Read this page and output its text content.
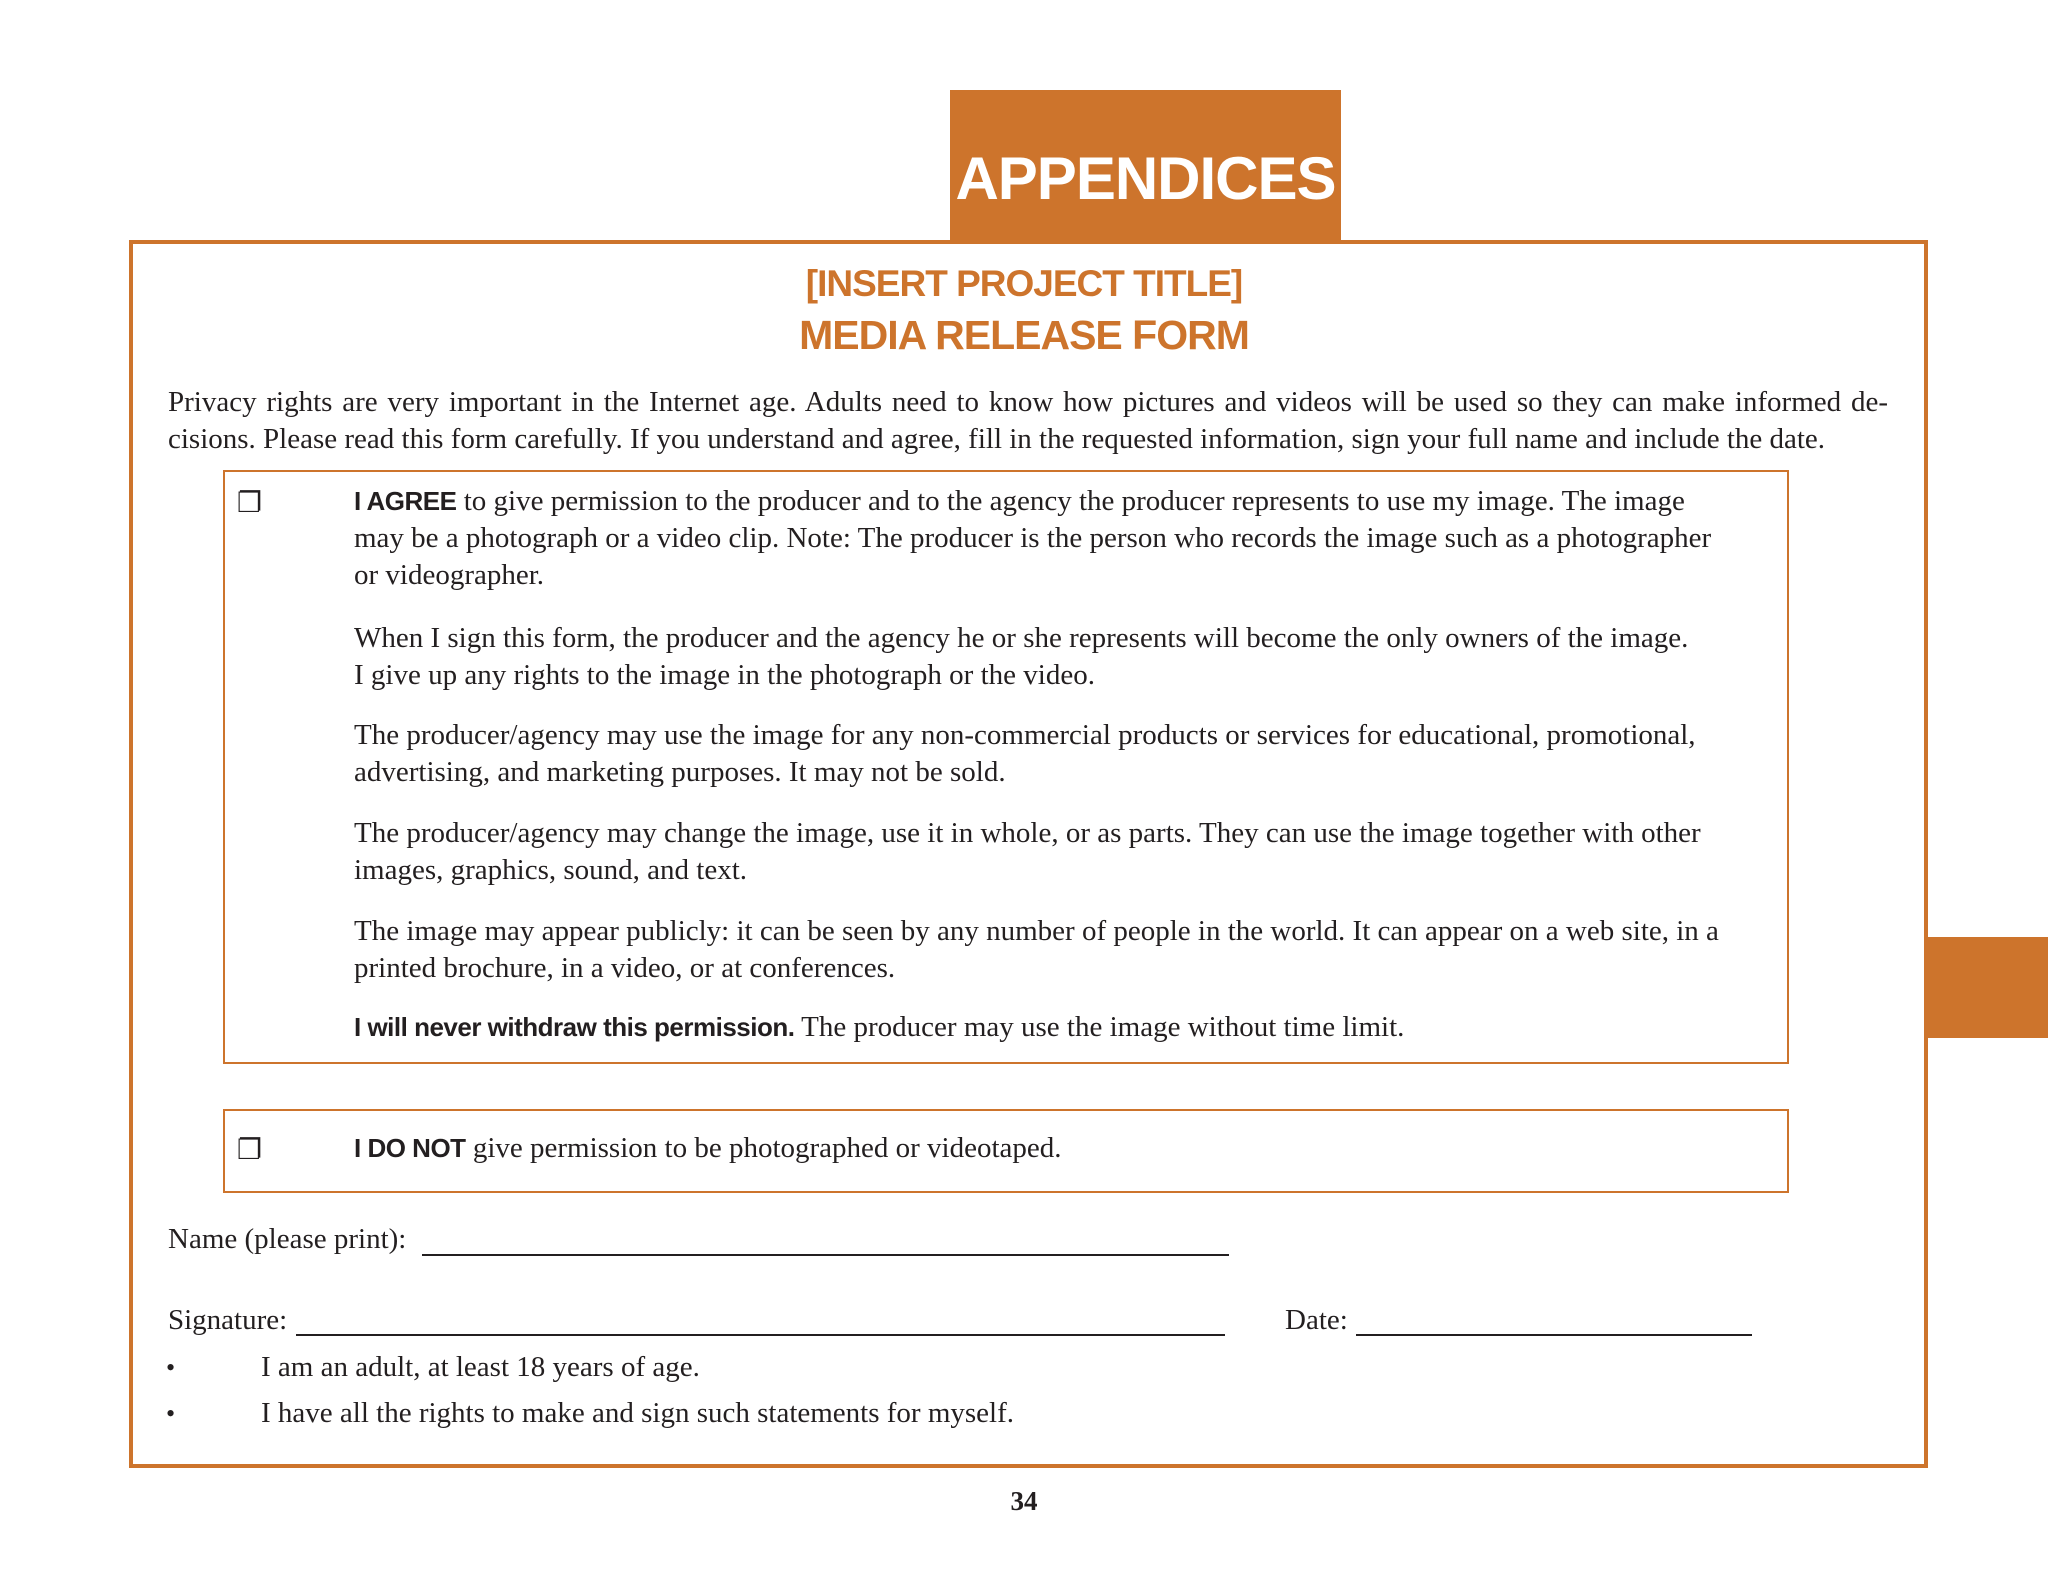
APPENDICES
[INSERT PROJECT TITLE]
MEDIA RELEASE FORM
Privacy rights are very important in the Internet age. Adults need to know how pictures and videos will be used so they can make informed de-
cisions. Please read this form carefully. If you understand and agree, fill in the requested information, sign your full name and include the date.
❐	I AGREE to give permission to the producer and to the agency the producer represents to use my image. The image
may be a photograph or a video clip. Note: The producer is the person who records the image such as a photographer
or videographer.
When I sign this form, the producer and the agency he or she represents will become the only owners of the image.
I give up any rights to the image in the photograph or the video.
The producer/agency may use the image for any non-commercial products or services for educational, promotional,
advertising, and marketing purposes. It may not be sold.
The producer/agency may change the image, use it in whole, or as parts. They can use the image together with other
images, graphics, sound, and text.
The image may appear publicly: it can be seen by any number of people in the world. It can appear on a web site, in a
printed brochure, in a video, or at conferences.
I will never withdraw this permission. The producer may use the image without time limit.
❐	I DO NOT give permission to be photographed or videotaped.
Name (please print):
Signature:	Date:
•	I am an adult, at least 18 years of age.
•	I have all the rights to make and sign such statements for myself.
34
